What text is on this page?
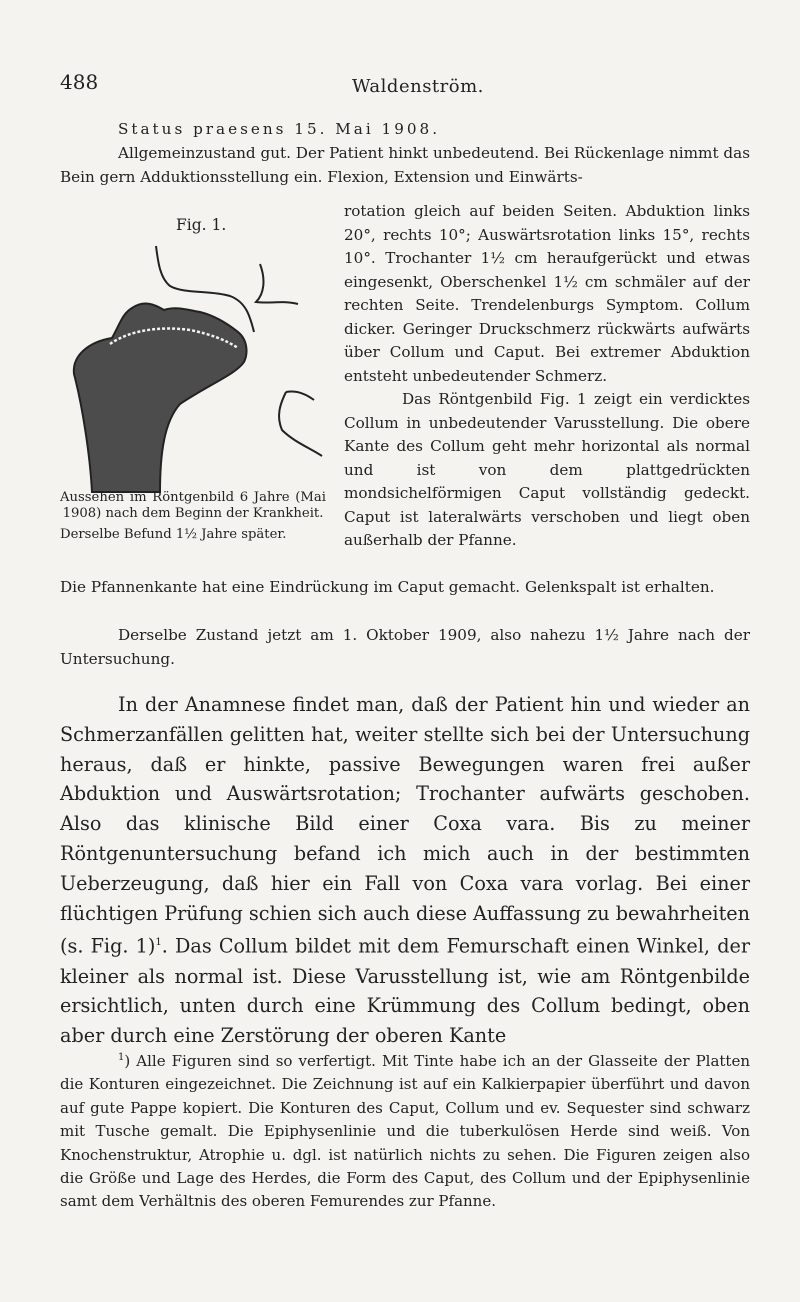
488	Waldenström.
Status praesens 15. Mai 1908.
Allgemeinzustand gut. Der Patient hinkt unbedeutend. Bei Rückenlage nimmt das Bein gern Adduktionsstellung ein. Flexion, Extension und Einwärts-
Fig. 1.
Aussehen im Röntgenbild 6 Jahre (Mai 1908) nach dem Beginn der Krankheit.
Derselbe Befund 1½ Jahre später.

rotation gleich auf beiden Seiten. Abduktion links 20°, rechts 10°; Auswärtsrotation links 15°, rechts 10°. Trochanter 1½ cm heraufgerückt und etwas eingesenkt, Oberschenkel 1½ cm schmäler auf der rechten Seite. Trendelenburgs Symptom. Collum dicker. Geringer Druckschmerz rückwärts aufwärts über Collum und Caput. Bei extremer Abduktion entsteht unbedeutender Schmerz.

Das Röntgenbild Fig. 1 zeigt ein verdicktes Collum in unbedeutender Varusstellung. Die obere Kante des Collum geht mehr horizontal als normal und ist von dem plattgedrückten mondsichelförmigen Caput vollständig gedeckt. Caput ist lateralwärts verschoben und liegt oben außerhalb der Pfanne.

Die Pfannenkante hat eine Eindrückung im Caput gemacht. Gelenkspalt ist erhalten.
Derselbe Zustand jetzt am 1. Oktober 1909, also nahezu 1½ Jahre nach der Untersuchung.
In der Anamnese findet man, daß der Patient hin und wieder an Schmerzanfällen gelitten hat, weiter stellte sich bei der Untersuchung heraus, daß er hinkte, passive Bewegungen waren frei außer Abduktion und Auswärtsrotation; Trochanter aufwärts geschoben. Also das klinische Bild einer Coxa vara. Bis zu meiner Röntgenuntersuchung befand ich mich auch in der bestimmten Ueberzeugung, daß hier ein Fall von Coxa vara vorlag. Bei einer flüchtigen Prüfung schien sich auch diese Auffassung zu bewahrheiten (s. Fig. 1)$^1$. Das Collum bildet mit dem Femurschaft einen Winkel, der kleiner als normal ist. Diese Varusstellung ist, wie am Röntgenbilde ersichtlich, unten durch eine Krümmung des Collum bedingt, oben aber durch eine Zerstörung der oberen Kante
$^1$) Alle Figuren sind so verfertigt. Mit Tinte habe ich an der Glasseite der Platten die Konturen eingezeichnet. Die Zeichnung ist auf ein Kalkierpapier überführt und davon auf gute Pappe kopiert. Die Konturen des Caput, Collum und ev. Sequester sind schwarz mit Tusche gemalt. Die Epiphysenlinie und die tuberkulösen Herde sind weiß. Von Knochenstruktur, Atrophie u. dgl. ist natürlich nichts zu sehen. Die Figuren zeigen also die Größe und Lage des Herdes, die Form des Caput, des Collum und der Epiphysenlinie samt dem Verhältnis des oberen Femurendes zur Pfanne.
